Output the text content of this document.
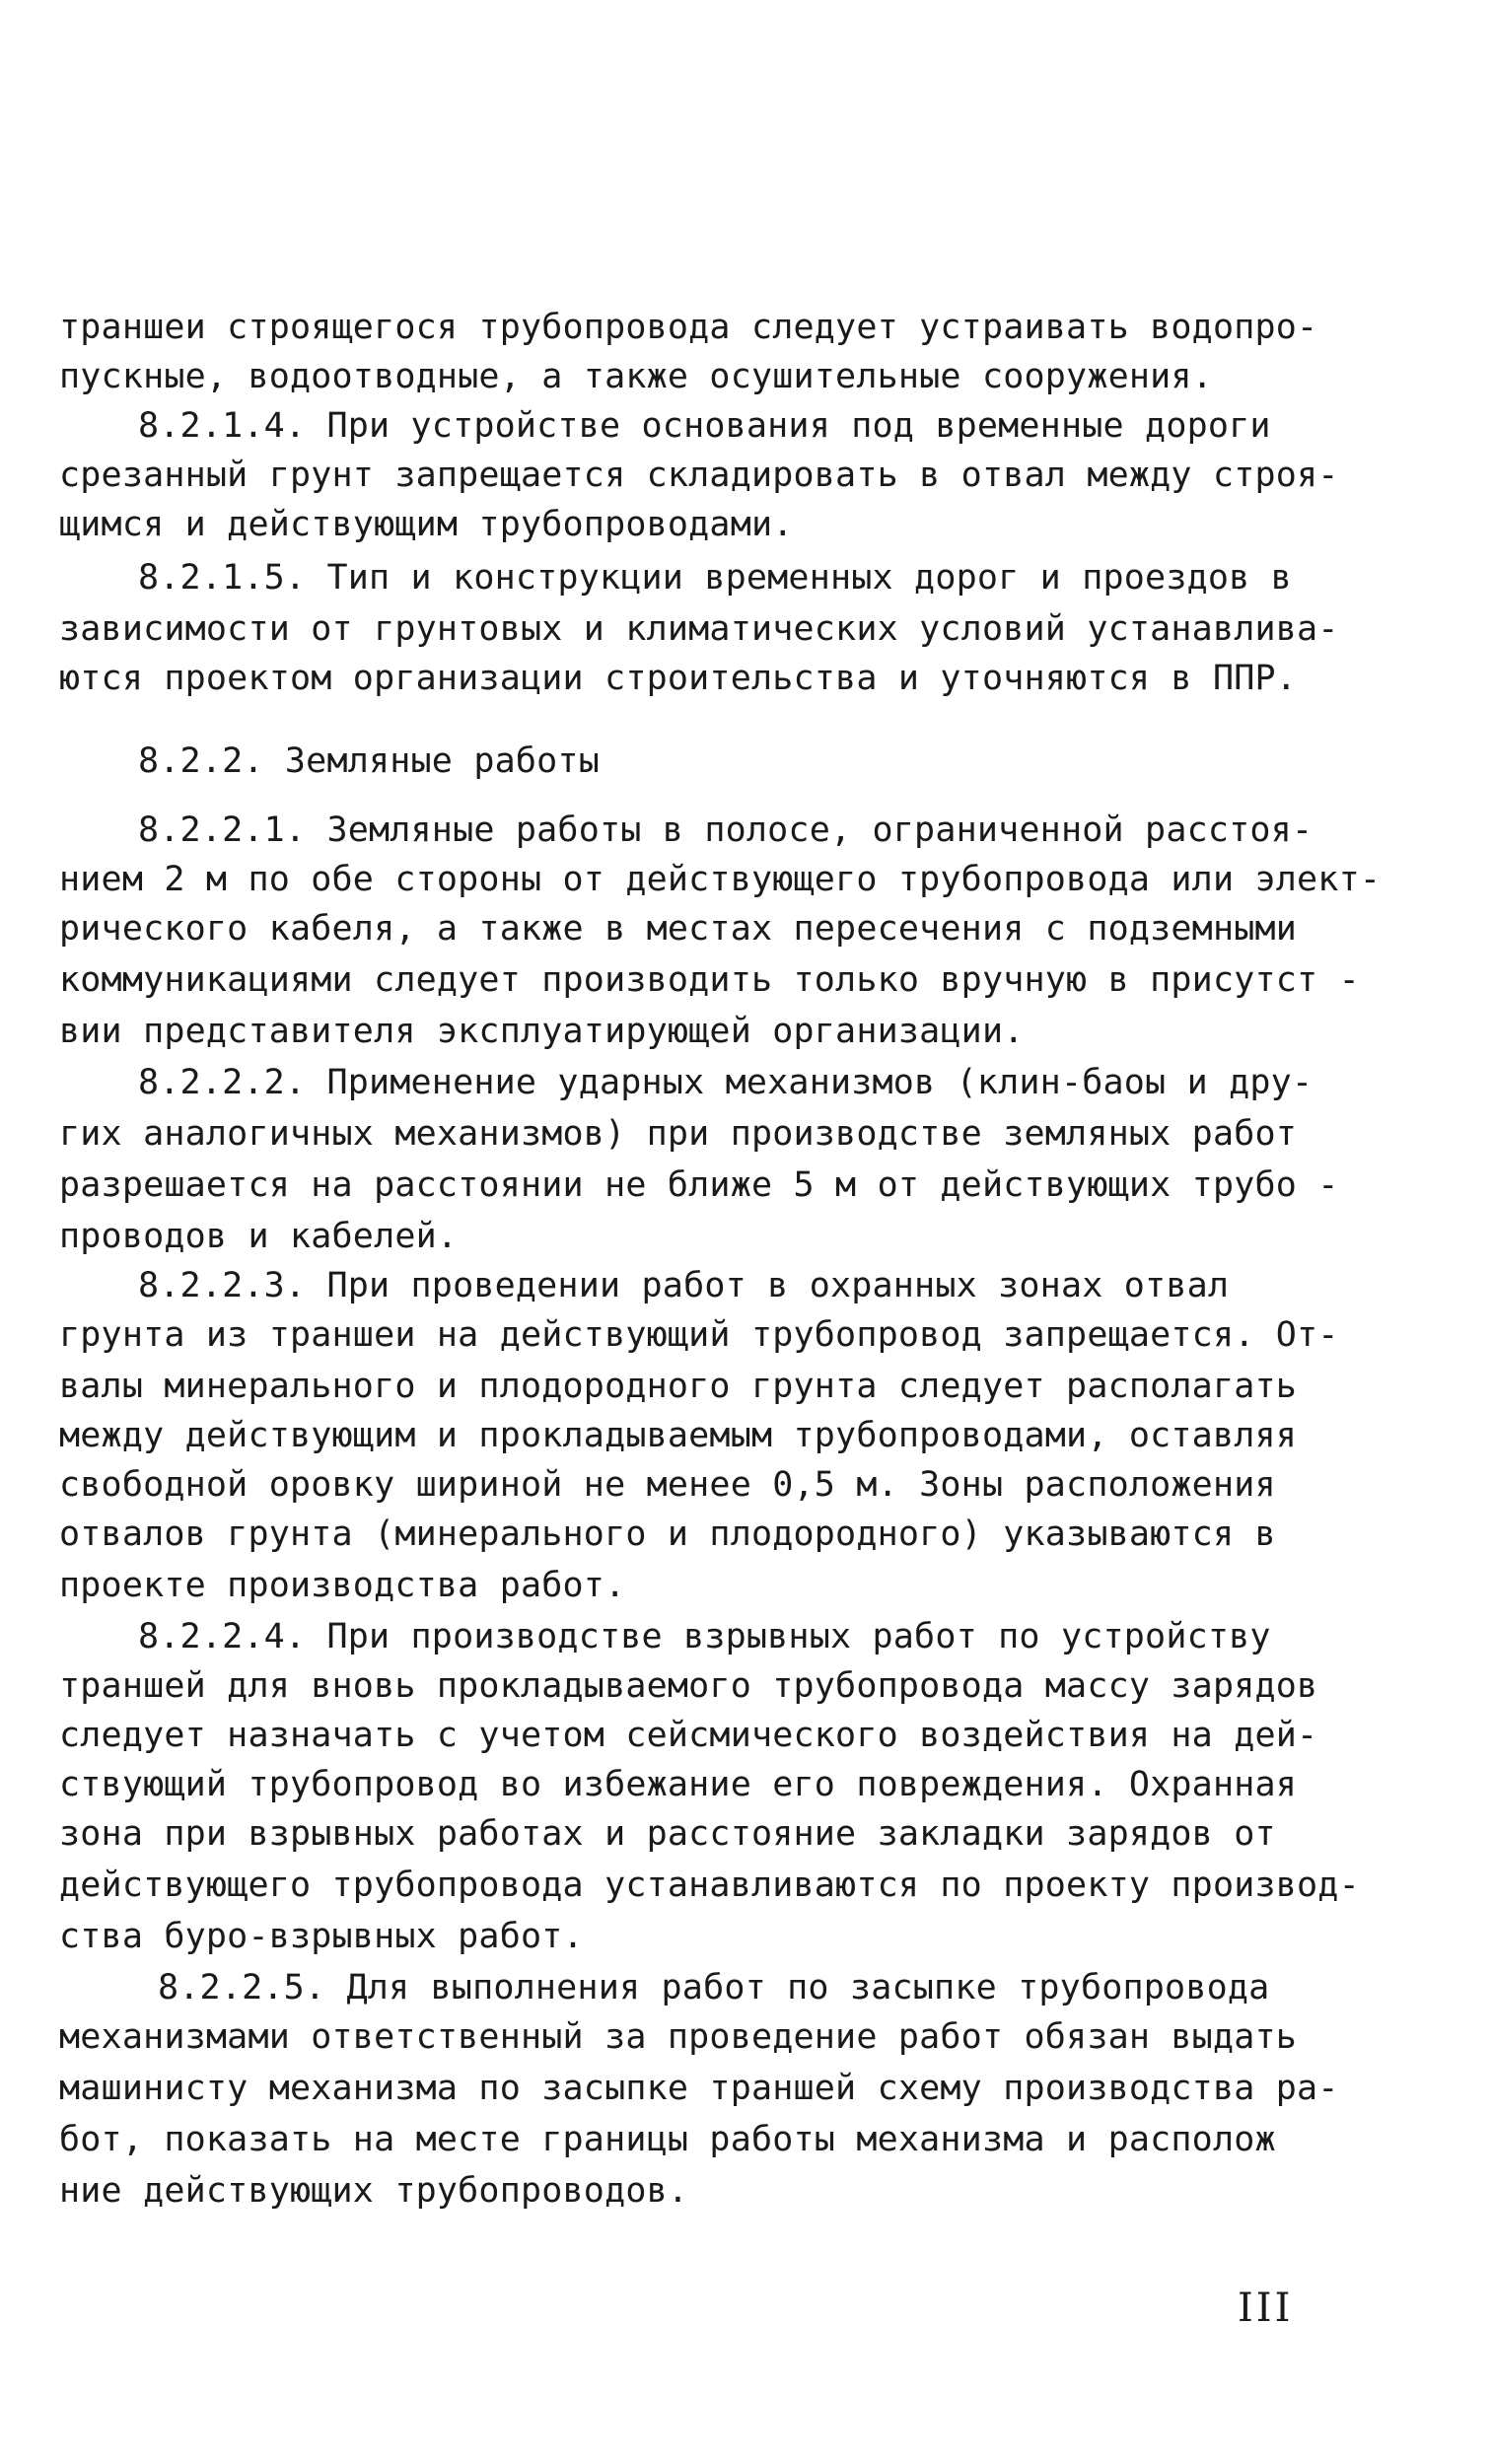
траншеи строящегося трубопровода следует устраивать водопро-
пускные, водоотводные, а также осушительные сооружения.
8.2.1.4. При устройстве основания под временные дороги
срезанный грунт запрещается складировать в отвал между строя-
щимся и действующим трубопроводами.
8.2.1.5. Тип и конструкции временных дорог и проездов в
зависимости от грунтовых и климатических условий устанавлива-
ются проектом организации строительства и уточняются в ППР.
8.2.2. Земляные работы
8.2.2.1. Земляные работы в полосе, ограниченной расстоя-
нием 2 м по обе стороны от действующего трубопровода или элект-
рического кабеля, а также в местах пересечения с подземными
коммуникациями следует производить только вручную в присутст -
вии представителя эксплуатирующей организации.
8.2.2.2. Применение ударных механизмов (клин-баоы и дру-
гих аналогичных механизмов) при производстве земляных работ
разрешается на расстоянии не ближе 5 м от действующих трубо -
проводов и кабелей.
8.2.2.3. При проведении работ в охранных зонах отвал
грунта из траншеи на действующий трубопровод запрещается. От-
валы минерального и плодородного грунта следует располагать
между действующим и прокладываемым трубопроводами, оставляя
свободной оровку шириной не менее 0,5 м. Зоны расположения
отвалов грунта (минерального и плодородного) указываются в
проекте производства работ.
8.2.2.4. При производстве взрывных работ по устройству
траншей для вновь прокладываемого трубопровода массу зарядов
следует назначать с учетом сейсмического воздействия на дей-
ствующий трубопровод во избежание его повреждения. Охранная
зона при взрывных работах и расстояние закладки зарядов от
действующего трубопровода устанавливаются по проекту производ-
ства буро-взрывных работ.
8.2.2.5. Для выполнения работ по засыпке трубопровода
механизмами ответственный за проведение работ обязан выдать
машинисту механизма по засыпке траншей схему производства ра-
бот, показать на месте границы работы механизма и располож
ние действующих трубопроводов.
III
